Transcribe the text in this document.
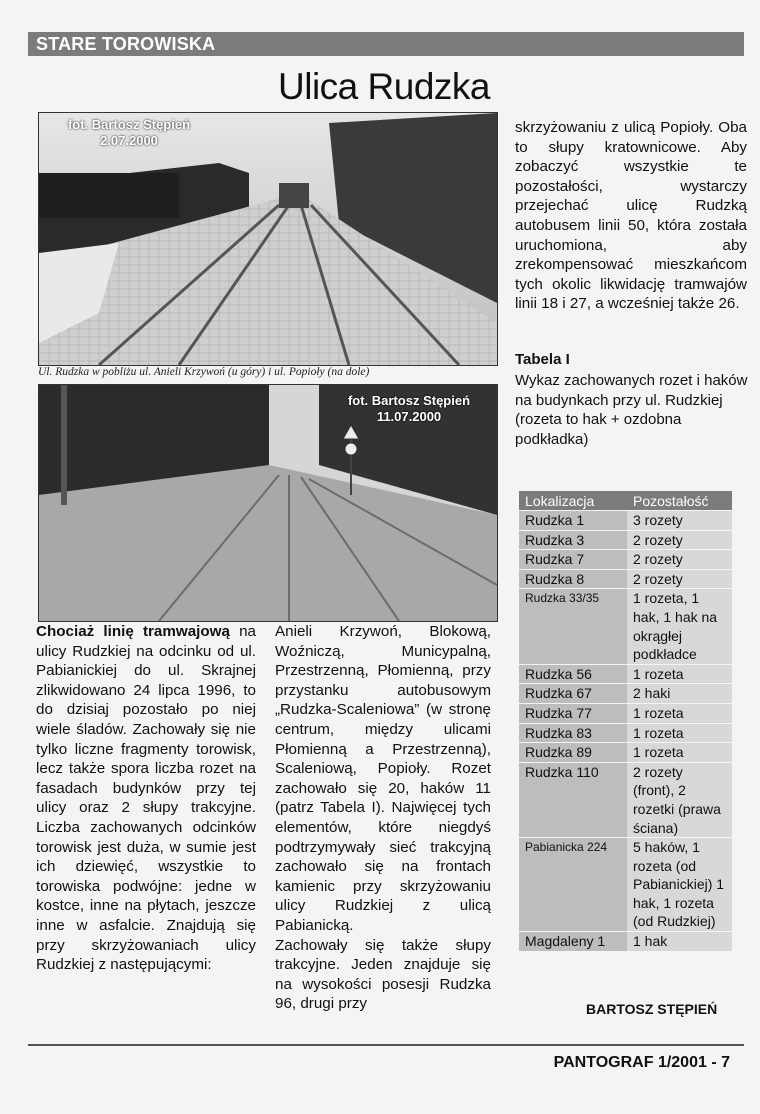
STARE TOROWISKA
Ulica Rudzka
fot. Bartosz Stępień
2.07.2000
Ul. Rudzka w pobliżu ul. Anieli Krzywoń (u góry) i ul. Popioły (na dole)
fot. Bartosz Stępień
11.07.2000

Chociaż linię tramwajową na ulicy Rudzkiej na odcinku od ul. Pabianickiej do ul. Skrajnej zlikwidowano 24 lipca 1996, to do dzisiaj pozostało po niej wiele śladów. Zachowały się nie tylko liczne fragmenty torowisk, lecz także spora liczba rozet na fasadach budynków przy tej ulicy oraz 2 słupy trakcyjne. Liczba zachowanych odcinków torowisk jest duża, w sumie jest ich dziewięć, wszystkie to torowiska podwójne: jedne w kostce, inne na płytach, jeszcze inne w asfalcie. Znajdują się przy skrzyżowaniach ulicy Rudzkiej z następującymi:

Anieli Krzywoń, Blokową, Woźniczą, Municypalną, Przestrzenną, Płomienną, przy przystanku autobusowym „Rudzka-Scaleniowa” (w stronę centrum, między ulicami Płomienną a Przestrzenną), Scaleniową, Popioły. Rozet zachowało się 20, haków 11 (patrz Tabela I). Najwięcej tych elementów, które niegdyś podtrzymywały sieć trakcyjną zachowało się na frontach kamienic przy skrzyżowaniu ulicy Rudzkiej z ulicą Pabianicką.

Zachowały się także słupy trakcyjne. Jeden znajduje się na wysokości posesji Rudzka 96, drugi przy

skrzyżowaniu z ulicą Popioły. Oba to słupy kratownicowe. Aby zobaczyć wszystkie te pozostałości, wystarczy przejechać ulicę Rudzką autobusem linii 50, która została uruchomiona, aby zrekompensować mieszkańcom tych okolic likwidację tramwajów linii 18 i 27, a wcześniej także 26.
Tabela I
Wykaz zachowanych rozet i haków na budynkach przy ul. Rudzkiej (rozeta to hak + ozdobna podkładka)
Lokalizacja	Pozostałość
Rudzka 1	3 rozety
Rudzka 3	2 rozety
Rudzka 7	2 rozety
Rudzka 8	2 rozety
Rudzka 33/35	1 rozeta, 1 hak, 1 hak na okrągłej podkładce
Rudzka 56	1 rozeta
Rudzka 67	2 haki
Rudzka 77	1 rozeta
Rudzka 83	1 rozeta
Rudzka 89	1 rozeta
Rudzka 110	2 rozety (front), 2 rozetki (prawa ściana)
Pabianicka 224	5 haków, 1 rozeta (od Pabianickiej) 1 hak, 1 rozeta (od Rudzkiej)
Magdaleny 1	1 hak
BARTOSZ STĘPIEŃ
PANTOGRAF 1/2001 - 7
